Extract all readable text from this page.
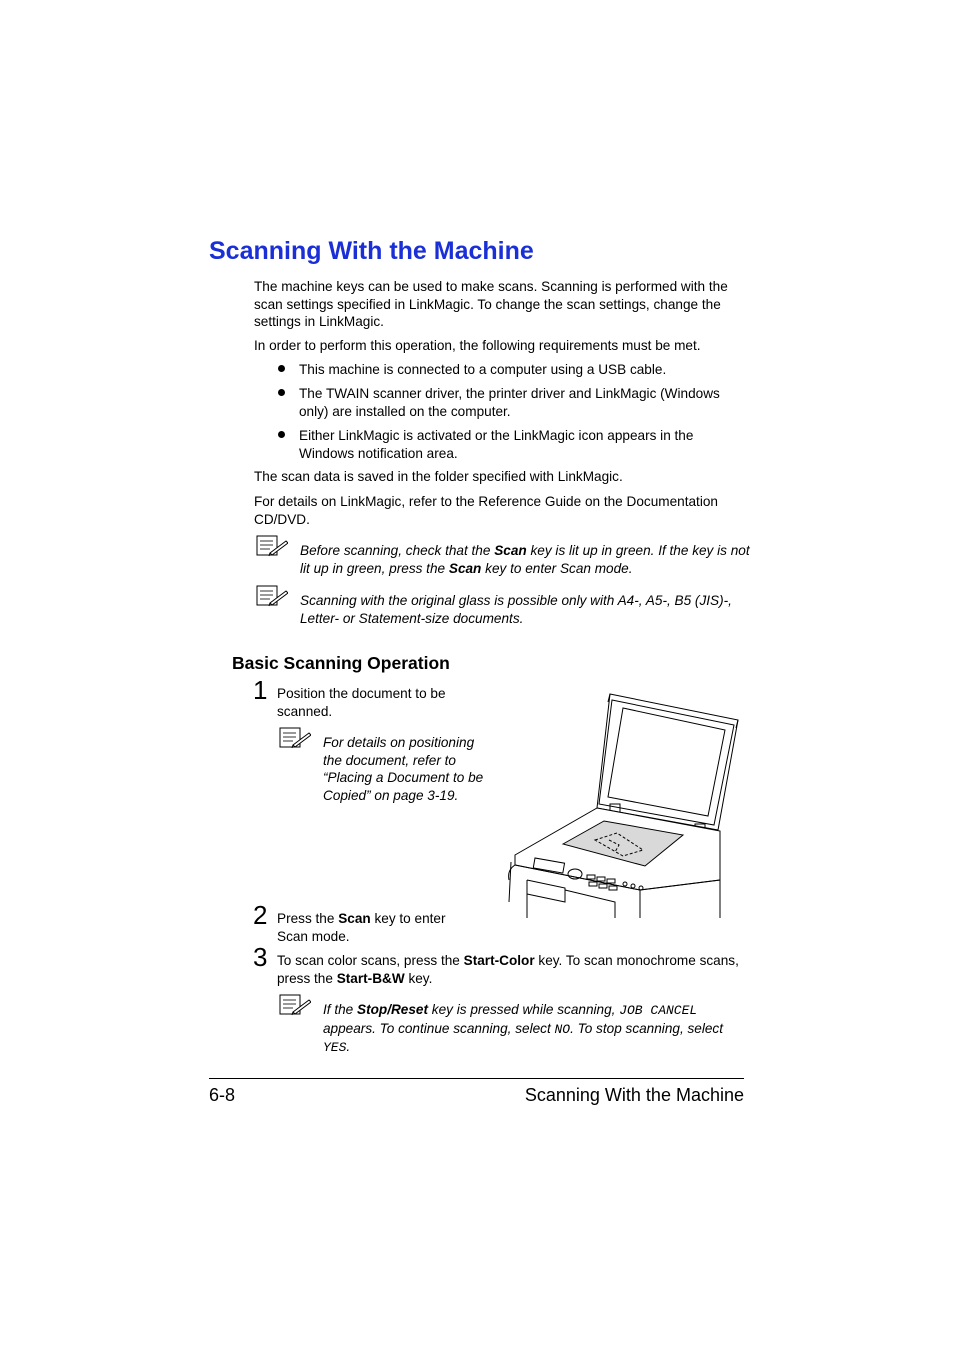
Scanning With the Machine
The machine keys can be used to make scans. Scanning is performed with the scan settings specified in LinkMagic. To change the scan settings, change the settings in LinkMagic.
In order to perform this operation, the following requirements must be met.
This machine is connected to a computer using a USB cable.
The TWAIN scanner driver, the printer driver and LinkMagic (Windows only) are installed on the computer.
Either LinkMagic is activated or the LinkMagic icon appears in the Windows notification area.
The scan data is saved in the folder specified with LinkMagic.
For details on LinkMagic, refer to the Reference Guide on the Documentation CD/DVD.
Before scanning, check that the Scan key is lit up in green. If the key is not lit up in green, press the Scan key to enter Scan mode.
Scanning with the original glass is possible only with A4-, A5-, B5 (JIS)-, Letter- or Statement-size documents.
Basic Scanning Operation
1 Position the document to be scanned.
For details on positioning the document, refer to “Placing a Document to be Copied” on page 3-19.
2 Press the Scan key to enter Scan mode.
3 To scan color scans, press the Start-Color key. To scan monochrome scans, press the Start-B&W key.
If the Stop/Reset key is pressed while scanning, JOB CANCEL appears. To continue scanning, select NO. To stop scanning, select YES.
6-8	Scanning With the Machine
